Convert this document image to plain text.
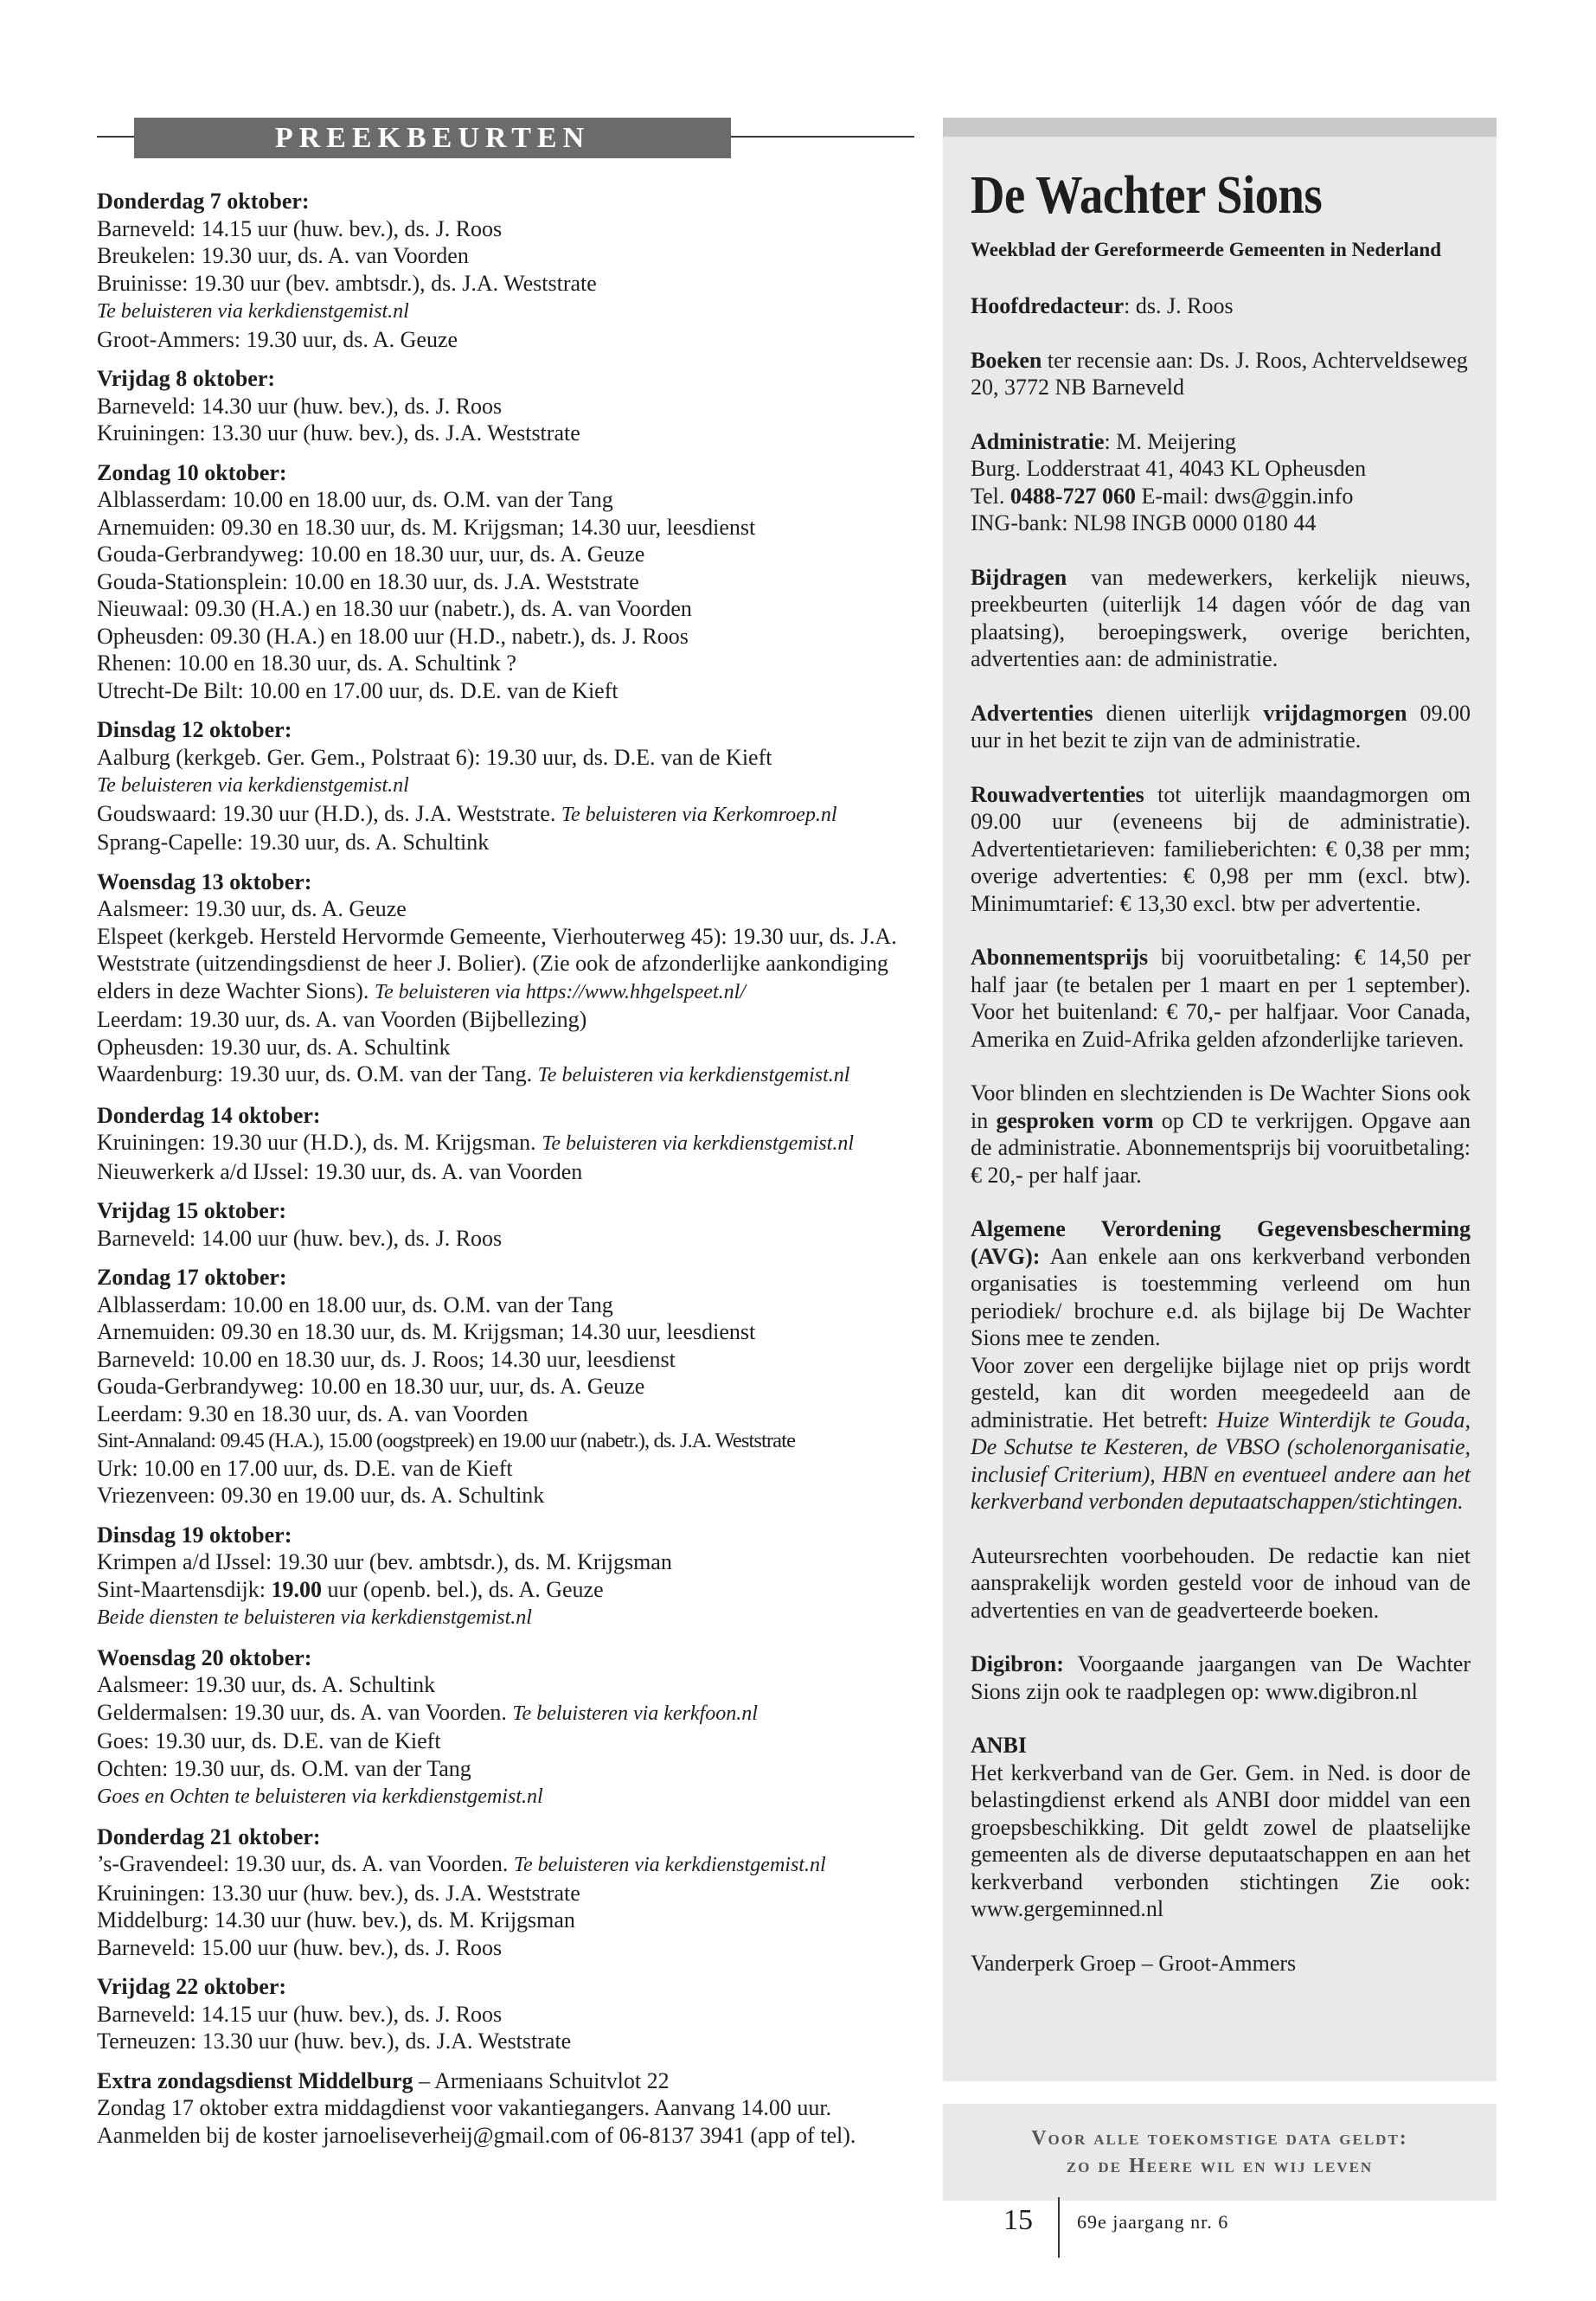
PREEKBEURTEN
Donderdag 7 oktober:
Barneveld: 14.15 uur (huw. bev.), ds. J. Roos
Breukelen: 19.30 uur, ds. A. van Voorden
Bruinisse: 19.30 uur (bev. ambtsdr.), ds. J.A. Weststrate
Te beluisteren via kerkdienstgemist.nl
Groot-Ammers: 19.30 uur, ds. A. Geuze
Vrijdag 8 oktober:
Barneveld: 14.30 uur (huw. bev.), ds. J. Roos
Kruiningen: 13.30 uur (huw. bev.), ds. J.A. Weststrate
Zondag 10 oktober:
Alblasserdam: 10.00 en 18.00 uur, ds. O.M. van der Tang
Arnemuiden: 09.30 en 18.30 uur, ds. M. Krijgsman; 14.30 uur, leesdienst
Gouda-Gerbrandyweg: 10.00 en 18.30 uur, uur, ds. A. Geuze
Gouda-Stationsplein: 10.00 en 18.30 uur, ds. J.A. Weststrate
Nieuwaal: 09.30 (H.A.) en 18.30 uur (nabetr.), ds. A. van Voorden
Opheusden: 09.30 (H.A.) en 18.00 uur (H.D., nabetr.), ds. J. Roos
Rhenen: 10.00 en 18.30 uur, ds. A. Schultink ?
Utrecht-De Bilt: 10.00 en 17.00 uur, ds. D.E. van de Kieft
Dinsdag 12 oktober:
Aalburg (kerkgeb. Ger. Gem., Polstraat 6): 19.30 uur, ds. D.E. van de Kieft
Te beluisteren via kerkdienstgemist.nl
Goudswaard: 19.30 uur (H.D.), ds. J.A. Weststrate. Te beluisteren via Kerkomroep.nl
Sprang-Capelle: 19.30 uur, ds. A. Schultink
Woensdag 13 oktober:
Aalsmeer: 19.30 uur, ds. A. Geuze
Elspeet (kerkgeb. Hersteld Hervormde Gemeente, Vierhouterweg 45): 19.30 uur, ds. J.A. Weststrate (uitzendingsdienst de heer J. Bolier). (Zie ook de afzonderlijke aankondiging elders in deze Wachter Sions). Te beluisteren via https://www.hhgelspeet.nl/
Leerdam: 19.30 uur, ds. A. van Voorden (Bijbellezing)
Opheusden: 19.30 uur, ds. A. Schultink
Waardenburg: 19.30 uur, ds. O.M. van der Tang. Te beluisteren via kerkdienstgemist.nl
Donderdag 14 oktober:
Kruiningen: 19.30 uur (H.D.), ds. M. Krijgsman. Te beluisteren via kerkdienstgemist.nl
Nieuwerkerk a/d IJssel: 19.30 uur, ds. A. van Voorden
Vrijdag 15 oktober:
Barneveld: 14.00 uur (huw. bev.), ds. J. Roos
Zondag 17 oktober:
Alblasserdam: 10.00 en 18.00 uur, ds. O.M. van der Tang
Arnemuiden: 09.30 en 18.30 uur, ds. M. Krijgsman; 14.30 uur, leesdienst
Barneveld: 10.00 en 18.30 uur, ds. J. Roos; 14.30 uur, leesdienst
Gouda-Gerbrandyweg: 10.00 en 18.30 uur, uur, ds. A. Geuze
Leerdam: 9.30 en 18.30 uur, ds. A. van Voorden
Sint-Annaland: 09.45 (H.A.), 15.00 (oogstpreek) en 19.00 uur (nabetr.), ds. J.A. Weststrate
Urk: 10.00 en 17.00 uur, ds. D.E. van de Kieft
Vriezenveen: 09.30 en 19.00 uur, ds. A. Schultink
Dinsdag 19 oktober:
Krimpen a/d IJssel: 19.30 uur (bev. ambtsdr.), ds. M. Krijgsman
Sint-Maartensdijk: 19.00 uur (openb. bel.), ds. A. Geuze
Beide diensten te beluisteren via kerkdienstgemist.nl
Woensdag 20 oktober:
Aalsmeer: 19.30 uur, ds. A. Schultink
Geldermalsen: 19.30 uur, ds. A. van Voorden. Te beluisteren via kerkfoon.nl
Goes: 19.30 uur, ds. D.E. van de Kieft
Ochten: 19.30 uur, ds. O.M. van der Tang
Goes en Ochten te beluisteren via kerkdienstgemist.nl
Donderdag 21 oktober:
’s-Gravendeel: 19.30 uur, ds. A. van Voorden. Te beluisteren via kerkdienstgemist.nl
Kruiningen: 13.30 uur (huw. bev.), ds. J.A. Weststrate
Middelburg: 14.30 uur (huw. bev.), ds. M. Krijgsman
Barneveld: 15.00 uur (huw. bev.), ds. J. Roos
Vrijdag 22 oktober:
Barneveld: 14.15 uur (huw. bev.), ds. J. Roos
Terneuzen: 13.30 uur (huw. bev.), ds. J.A. Weststrate
Extra zondagsdienst Middelburg – Armeniaans Schuitvlot 22
Zondag 17 oktober extra middagdienst voor vakantiegangers. Aanvang 14.00 uur.
Aanmelden bij de koster jarnoeliseverheij@gmail.com of 06-8137 3941 (app of tel).
De Wachter Sions
Weekblad der Gereformeerde Gemeenten in Nederland
Hoofdredacteur: ds. J. Roos
Boeken ter recensie aan: Ds. J. Roos, Achterveldseweg 20, 3772 NB Barneveld
Administratie: M. Meijering
Burg. Lodderstraat 41, 4043 KL Opheusden
Tel. 0488-727 060 E-mail: dws@ggin.info
ING-bank: NL98 INGB 0000 0180 44
Bijdragen van medewerkers, kerkelijk nieuws, preekbeurten (uiterlijk 14 dagen vóór de dag van plaatsing), beroepingswerk, overige berichten, advertenties aan: de administratie.
Advertenties dienen uiterlijk vrijdagmorgen 09.00 uur in het bezit te zijn van de administratie.
Rouwadvertenties tot uiterlijk maandagmorgen om 09.00 uur (eveneens bij de administratie). Advertentietarieven: familieberichten: € 0,38 per mm; overige advertenties: € 0,98 per mm (excl. btw). Minimumtarief: € 13,30 excl. btw per advertentie.
Abonnementsprijs bij vooruitbetaling: € 14,50 per half jaar (te betalen per 1 maart en per 1 september). Voor het buitenland: € 70,- per halfjaar. Voor Canada, Amerika en Zuid-Afrika gelden afzonderlijke tarieven.
Voor blinden en slechtzienden is De Wachter Sions ook in gesproken vorm op CD te verkrijgen. Opgave aan de administratie. Abonnementsprijs bij vooruitbetaling: € 20,- per half jaar.
Algemene Verordening Gegevensbescherming (AVG): Aan enkele aan ons kerkverband verbonden organisaties is toestemming verleend om hun periodiek/ brochure e.d. als bijlage bij De Wachter Sions mee te zenden.
Voor zover een dergelijke bijlage niet op prijs wordt gesteld, kan dit worden meegedeeld aan de administratie. Het betreft: Huize Winterdijk te Gouda, De Schutse te Kesteren, de VBSO (scholenorganisatie, inclusief Criterium), HBN en eventueel andere aan het kerkverband verbonden deputaatschappen/stichtingen.
Auteursrechten voorbehouden. De redactie kan niet aansprakelijk worden gesteld voor de inhoud van de advertenties en van de geadverteerde boeken.
Digibron: Voorgaande jaargangen van De Wachter Sions zijn ook te raadplegen op: www.digibron.nl
ANBI
Het kerkverband van de Ger. Gem. in Ned. is door de belastingdienst erkend als ANBI door middel van een groepsbeschikking. Dit geldt zowel de plaatselijke gemeenten als de diverse deputaatschappen en aan het kerkverband verbonden stichtingen Zie ook: www.gergeminned.nl
Vanderperk Groep – Groot-Ammers
Voor alle toekomstige data geldt:
zo de Heere wil en wij leven
15 69e jaargang nr. 6
